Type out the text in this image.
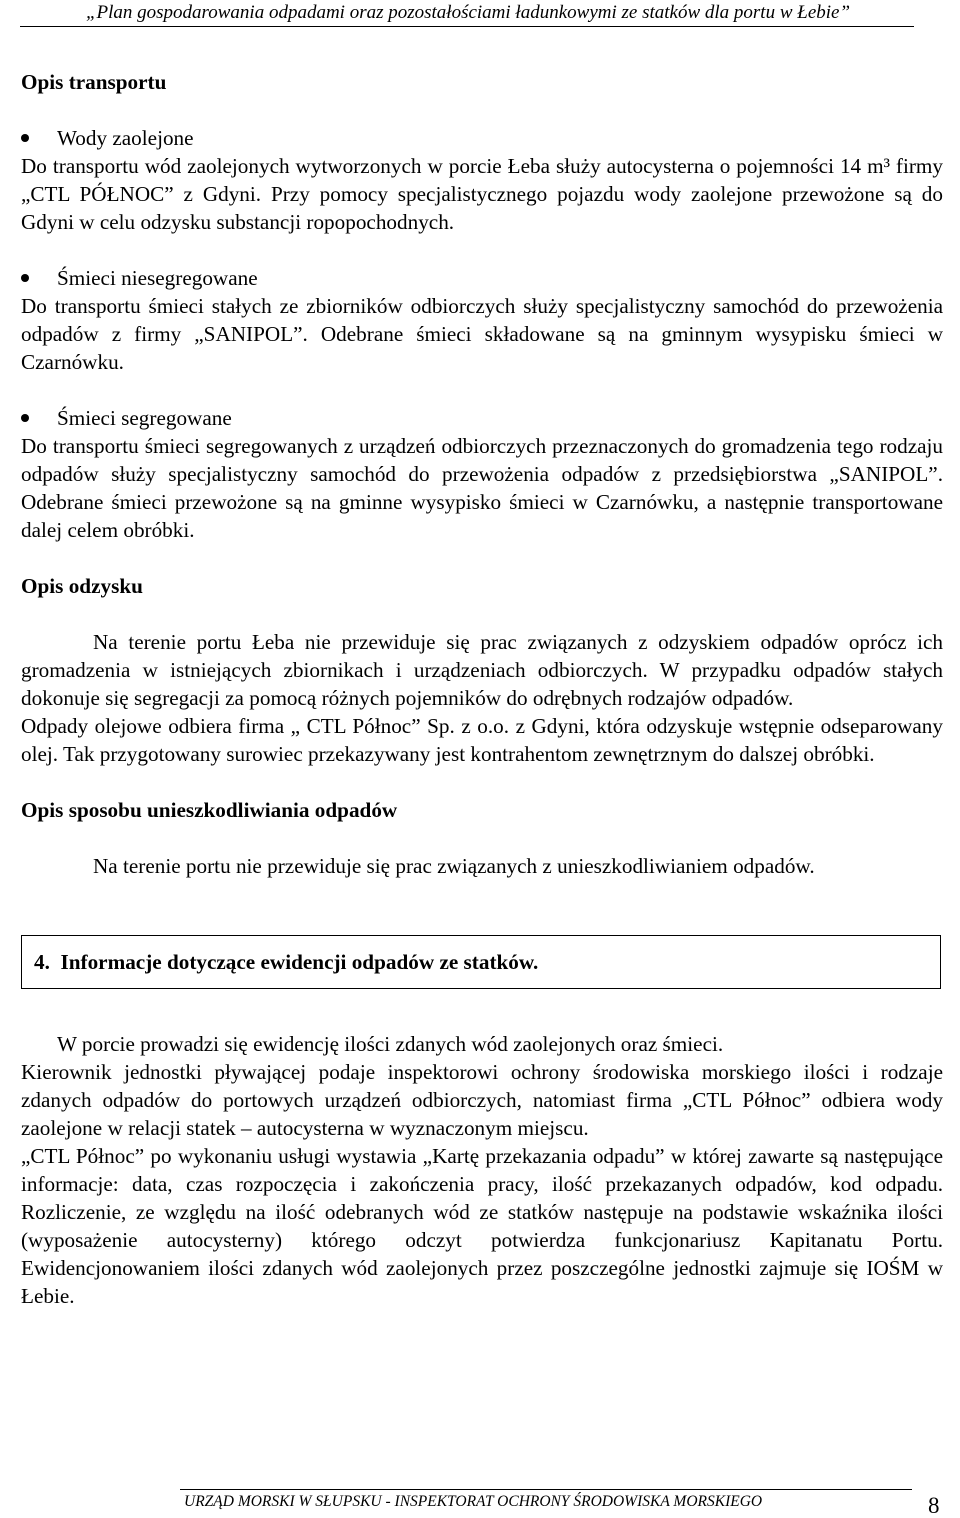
„Plan gospodarowania odpadami oraz pozostałościami ładunkowymi ze statków dla portu w Łebie”
Opis transportu
Wody zaolejone

Do transportu wód zaolejonych wytworzonych w porcie Łeba służy autocysterna o pojemności 14 m³ firmy „CTL PÓŁNOC” z Gdyni. Przy pomocy specjalistycznego pojazdu wody zaolejone przewożone są do Gdyni w celu odzysku substancji ropopochodnych.

Śmieci niesegregowane

Do transportu śmieci stałych ze zbiorników odbiorczych służy specjalistyczny samochód do przewożenia odpadów z firmy „SANIPOL”. Odebrane śmieci składowane są na gminnym wysypisku śmieci w Czarnówku.

Śmieci segregowane

Do transportu śmieci segregowanych z urządzeń odbiorczych przeznaczonych do gromadzenia tego rodzaju odpadów służy specjalistyczny samochód do przewożenia odpadów z przedsiębiorstwa „SANIPOL”. Odebrane śmieci przewożone są na gminne wysypisko śmieci w Czarnówku, a następnie transportowane dalej celem obróbki.

Opis odzysku

Na terenie portu Łeba nie przewiduje się prac związanych z odzyskiem odpadów oprócz ich gromadzenia w istniejących zbiornikach i urządzeniach odbiorczych. W przypadku odpadów stałych dokonuje się segregacji za pomocą różnych pojemników do odrębnych rodzajów odpadów.

Odpady olejowe odbiera firma „ CTL Północ” Sp. z o.o. z Gdyni, która odzyskuje wstępnie odseparowany olej. Tak przygotowany surowiec przekazywany jest kontrahentom zewnętrznym do dalszej obróbki.

Opis sposobu unieszkodliwiania odpadów

Na terenie portu nie przewiduje się prac związanych z unieszkodliwianiem odpadów.

4. Informacje dotyczące ewidencji odpadów ze statków.

W porcie prowadzi się ewidencję ilości zdanych wód zaolejonych oraz śmieci.

Kierownik jednostki pływającej podaje inspektorowi ochrony środowiska morskiego ilości i rodzaje zdanych odpadów do portowych urządzeń odbiorczych, natomiast firma „CTL Północ” odbiera wody zaolejone w relacji statek – autocysterna w wyznaczonym miejscu.

„CTL Północ” po wykonaniu usługi wystawia „Kartę przekazania odpadu” w której zawarte są następujące informacje: data, czas rozpoczęcia i zakończenia pracy, ilość przekazanych odpadów, kod odpadu. Rozliczenie, ze względu na ilość odebranych wód ze statków następuje na podstawie wskaźnika ilości (wyposażenie autocysterny) którego odczyt potwierdza funkcjonariusz Kapitanatu Portu. Ewidencjonowaniem ilości zdanych wód zaolejonych przez poszczególne jednostki zajmuje się IOŚM w Łebie.

URZĄD MORSKI W SŁUPSKU - INSPEKTORAT OCHRONY ŚRODOWISKA MORSKIEGO	8
